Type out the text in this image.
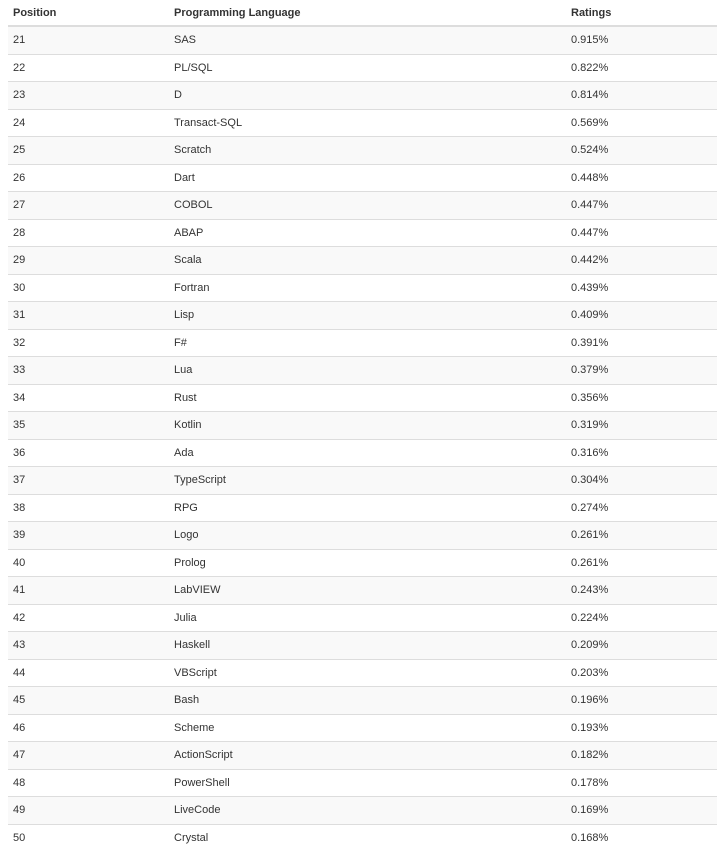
Position	Programming Language	Ratings
21	SAS	0.915%
22	PL/SQL	0.822%
23	D	0.814%
24	Transact-SQL	0.569%
25	Scratch	0.524%
26	Dart	0.448%
27	COBOL	0.447%
28	ABAP	0.447%
29	Scala	0.442%
30	Fortran	0.439%
31	Lisp	0.409%
32	F#	0.391%
33	Lua	0.379%
34	Rust	0.356%
35	Kotlin	0.319%
36	Ada	0.316%
37	TypeScript	0.304%
38	RPG	0.274%
39	Logo	0.261%
40	Prolog	0.261%
41	LabVIEW	0.243%
42	Julia	0.224%
43	Haskell	0.209%
44	VBScript	0.203%
45	Bash	0.196%
46	Scheme	0.193%
47	ActionScript	0.182%
48	PowerShell	0.178%
49	LiveCode	0.169%
50	Crystal	0.168%
